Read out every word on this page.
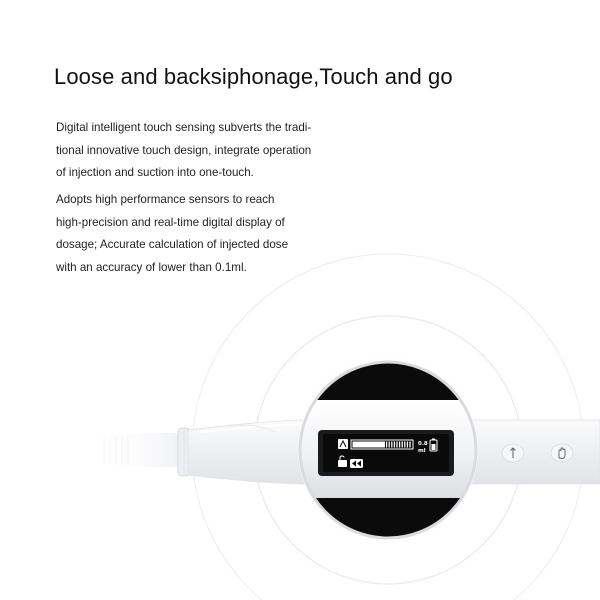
Loose and backsiphonage,Touch and go

Digital intelligent touch sensing subverts the tradi-
tional innovative touch design, integrate operation
of injection and suction into one-touch.

Adopts high performance sensors to reach
high-precision and real-time digital display of
dosage; Accurate calculation of injected dose
with an accuracy of lower than 0.1ml.

0.8
ml
